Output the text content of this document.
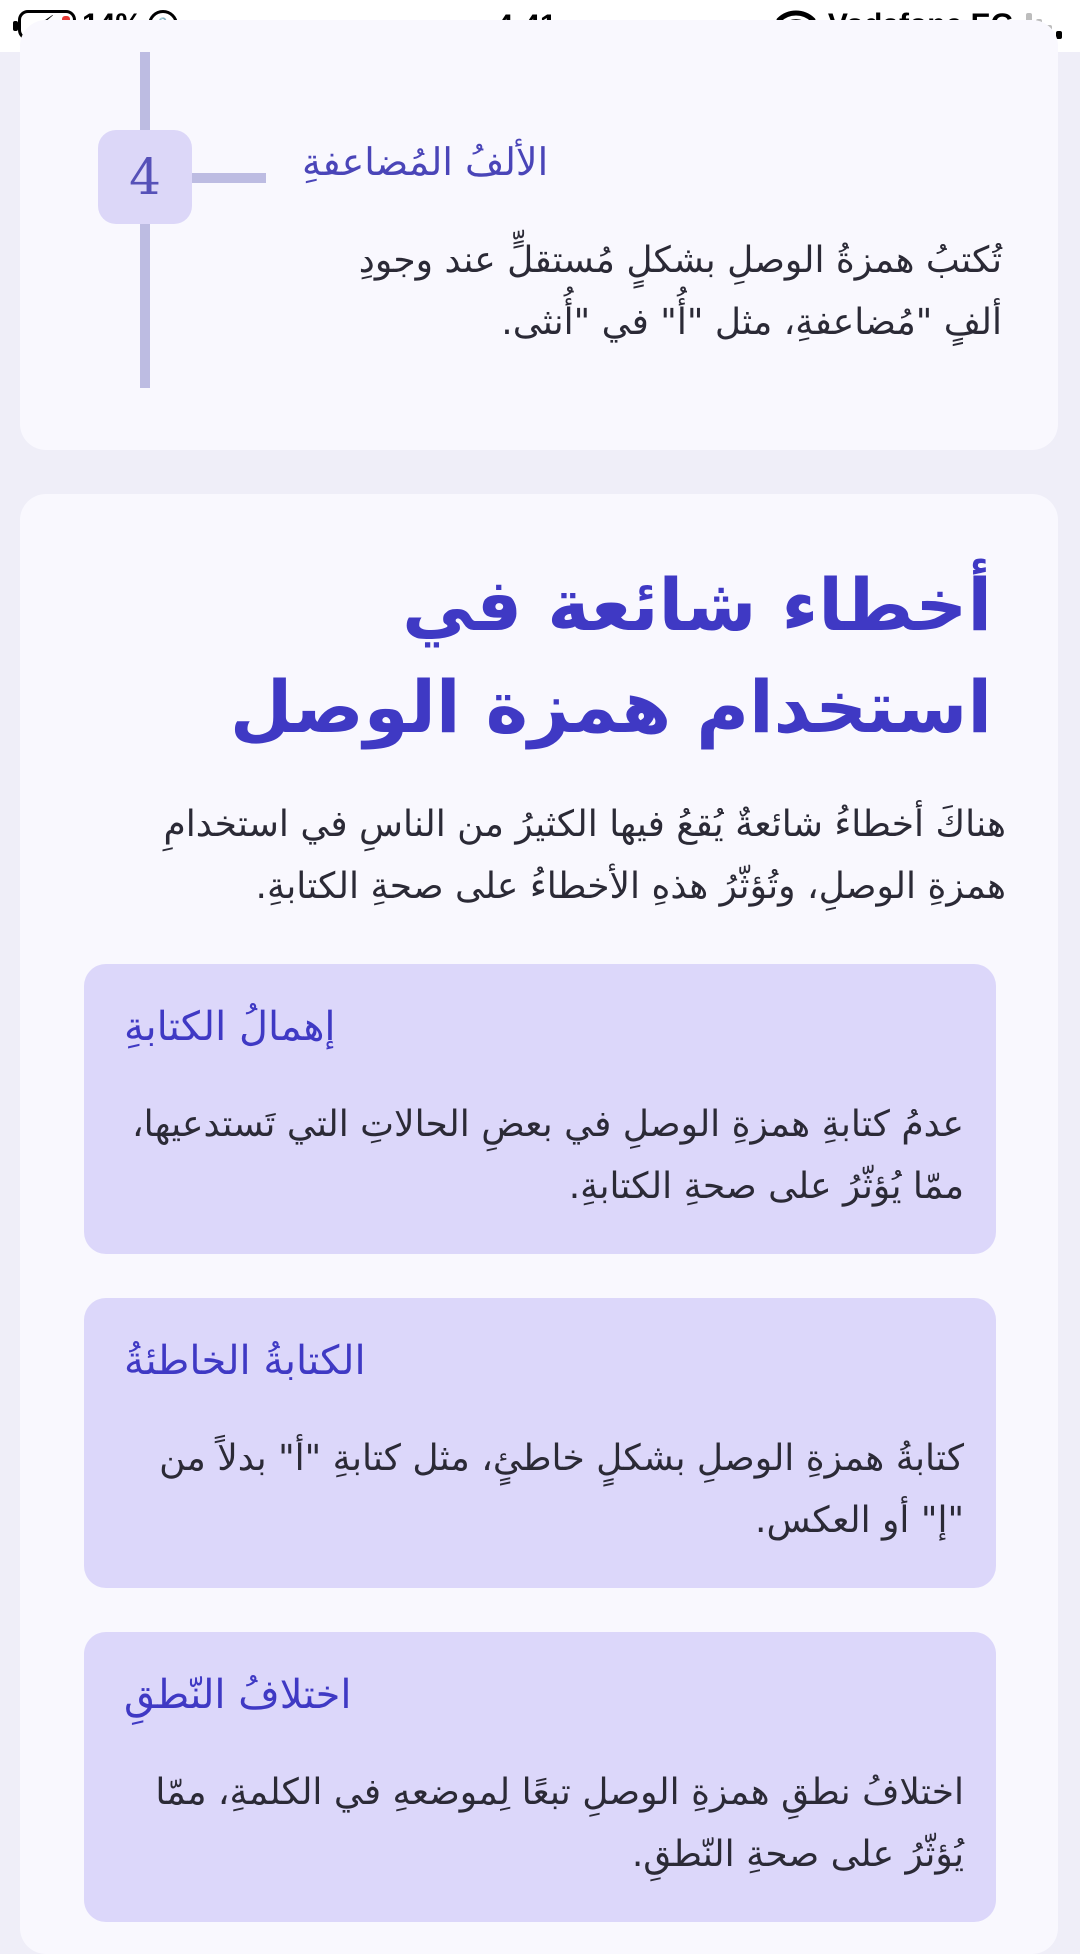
4	الألفُ المُضاعفةِ
تُكتبُ همزةُ الوصلِ بشكلٍ مُستقلٍّ عند وجودِ ألفٍ "مُضاعفةِ، مثل "أُ" في "أُنثى.
أخطاء شائعة في استخدام همزة الوصل
هناكَ أخطاءُ شائعةٌ يُقعُ فيها الكثيرُ من الناسِ في استخدامِ همزةِ الوصلِ، وتُؤثّرُ هذهِ الأخطاءُ على صحةِ الكتابةِ.
إهمالُ الكتابةِ
عدمُ كتابةِ همزةِ الوصلِ في بعضِ الحالاتِ التي تَستدعيها، ممّا يُؤثّرُ على صحةِ الكتابةِ.
الكتابةُ الخاطئةُ
كتابةُ همزةِ الوصلِ بشكلٍ خاطئٍ، مثل كتابةِ "أ" بدلاً من "إ" أو العكس.
اختلافُ النّطقِ
اختلافُ نطقِ همزةِ الوصلِ تبعًا لِموضعهِ في الكلمةِ، ممّا يُؤثّرُ على صحةِ النّطقِ.
